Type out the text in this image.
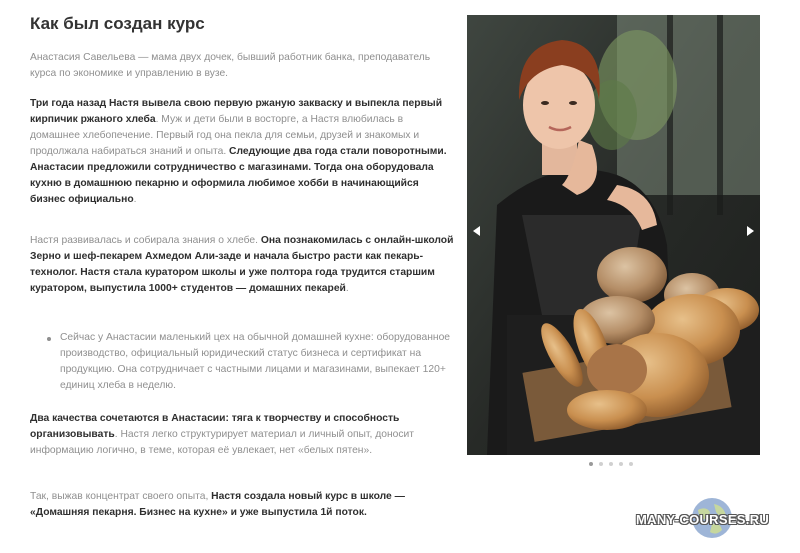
Как был создан курс
Анастасия Савельева — мама двух дочек, бывший работник банка, преподаватель курса по экономике и управлению в вузе.
Три года назад Настя вывела свою первую ржаную закваску и выпекла первый кирпичик ржаного хлеба. Муж и дети были в восторге, а Настя влюбилась в домашнее хлебопечение. Первый год она пекла для семьи, друзей и знакомых и продолжала набираться знаний и опыта. Следующие два года стали поворотными. Анастасии предложили сотрудничество с магазинами. Тогда она оборудовала кухню в домашнюю пекарню и оформила любимое хобби в начинающийся бизнес официально.
Настя развивалась и собирала знания о хлебе. Она познакомилась с онлайн-школой Зерно и шеф-пекарем Ахмедом Али-заде и начала быстро расти как пекарь-технолог. Настя стала куратором школы и уже полтора года трудится старшим куратором, выпустила 1000+ студентов — домашних пекарей.
Сейчас у Анастасии маленький цех на обычной домашней кухне: оборудованное производство, официальный юридический статус бизнеса и сертификат на продукцию. Она сотрудничает с частными лицами и магазинами, выпекает 120+ единиц хлеба в неделю.
Два качества сочетаются в Анастасии: тяга к творчеству и способность организовывать. Настя легко структурирует материал и личный опыт, доносит информацию логично, в теме, которая её увлекает, нет «белых пятен».
Так, выжав концентрат своего опыта, Настя создала новый курс в школе — «Домашняя пекарня. Бизнес на кухне» и уже выпустила 1й поток.	MANY-COURSES.RU
